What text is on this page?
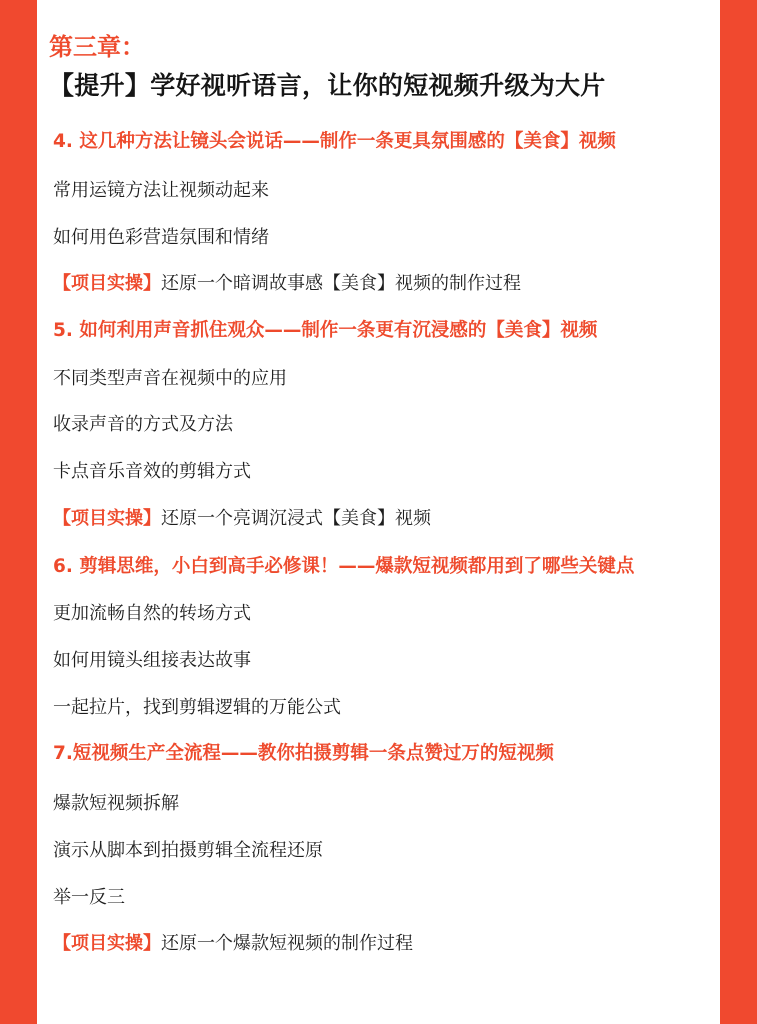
第三章：
【提升】学好视听语言，让你的短视频升级为大片
4. 这几种方法让镜头会说话——制作一条更具氛围感的【美食】视频
常用运镜方法让视频动起来
如何用色彩营造氛围和情绪
【项目实操】还原一个暗调故事感【美食】视频的制作过程
5. 如何利用声音抓住观众——制作一条更有沉浸感的【美食】视频
不同类型声音在视频中的应用
收录声音的方式及方法
卡点音乐音效的剪辑方式
【项目实操】还原一个亮调沉浸式【美食】视频
6. 剪辑思维，小白到高手必修课！——爆款短视频都用到了哪些关键点
更加流畅自然的转场方式
如何用镜头组接表达故事
一起拉片，找到剪辑逻辑的万能公式
7.短视频生产全流程——教你拍摄剪辑一条点赞过万的短视频
爆款短视频拆解
演示从脚本到拍摄剪辑全流程还原
举一反三
【项目实操】还原一个爆款短视频的制作过程
